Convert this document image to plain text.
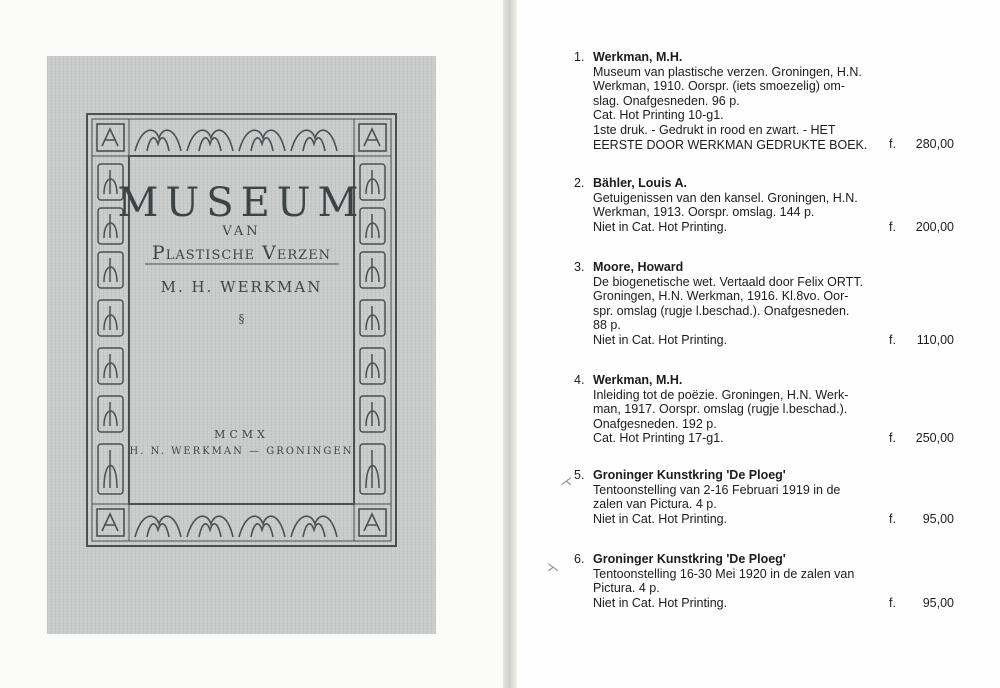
MUSEUM
VAN
Plastische Verzen
M. H. WERKMAN
§
MCMX
H. N. WERKMAN — GRONINGEN
1. Werkman, M.H.
Museum van plastische verzen. Groningen, H.N.
Werkman, 1910. Oorspr. (iets smoezelig) om-
slag. Onafgesneden. 96 p.
Cat. Hot Printing 10-g1.
1ste druk. - Gedrukt in rood en zwart. - HET
EERSTE DOOR WERKMAN GEDRUKTE BOEK.	f.	280,00
2. Bähler, Louis A.
Getuigenissen van den kansel. Groningen, H.N.
Werkman, 1913. Oorspr. omslag. 144 p.
Niet in Cat. Hot Printing.	f.	200,00
3. Moore, Howard
De biogenetische wet. Vertaald door Felix ORTT.
Groningen, H.N. Werkman, 1916. Kl.8vo. Oor-
spr. omslag (rugje l.beschad.). Onafgesneden.
88 p.
Niet in Cat. Hot Printing.	f.	110,00
4. Werkman, M.H.
Inleiding tot de poëzie. Groningen, H.N. Werk-
man, 1917. Oorspr. omslag (rugje l.beschad.).
Onafgesneden. 192 p.
Cat. Hot Printing 17-g1.	f.	250,00
⋌ 5. Groninger Kunstkring 'De Ploeg'
Tentoonstelling van 2-16 Februari 1919 in de
zalen van Pictura. 4 p.
Niet in Cat. Hot Printing.	f.	95,00
⋋
6. Groninger Kunstkring 'De Ploeg'
Tentoonstelling 16-30 Mei 1920 in de zalen van
Pictura. 4 p.
Niet in Cat. Hot Printing.	f.	95,00
